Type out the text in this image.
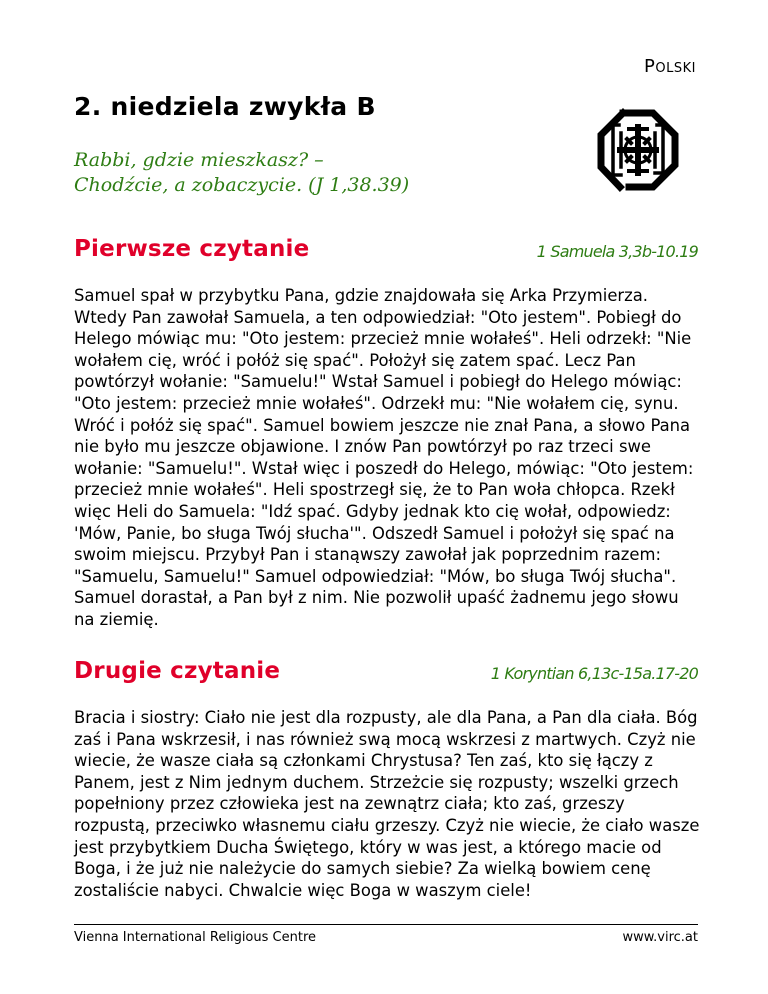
Polski
2. niedziela zwykła B

Rabbi, gdzie mieszkasz? –
Chodźcie, a zobaczycie. (J 1,38.39)

Pierwsze czytanie	1 Samuela 3,3b-10.19

Samuel spał w przybytku Pana, gdzie znajdowała się Arka Przymierza. Wtedy Pan zawołał Samuela, a ten odpowiedział: "Oto jestem". Pobiegł do Helego mówiąc mu: "Oto jestem: przecież mnie wołałeś". Heli odrzekł: "Nie wołałem cię, wróć i połóż się spać". Położył się zatem spać. Lecz Pan powtórzył wołanie: "Samuelu!" Wstał Samuel i pobiegł do Helego mówiąc: "Oto jestem: przecież mnie wołałeś". Odrzekł mu: "Nie wołałem cię, synu. Wróć i połóż się spać". Samuel bowiem jeszcze nie znał Pana, a słowo Pana nie było mu jeszcze objawione. I znów Pan powtórzył po raz trzeci swe wołanie: "Samuelu!". Wstał więc i poszedł do Helego, mówiąc: "Oto jestem: przecież mnie wołałeś". Heli spostrzegł się, że to Pan woła chłopca. Rzekł więc Heli do Samuela: "Idź spać. Gdyby jednak kto cię wołał, odpowiedz: 'Mów, Panie, bo sługa Twój słucha'". Odszedł Samuel i położył się spać na swoim miejscu. Przybył Pan i stanąwszy zawołał jak poprzednim razem: "Samuelu, Samuelu!" Samuel odpowiedział: "Mów, bo sługa Twój słucha". Samuel dorastał, a Pan był z nim. Nie pozwolił upaść żadnemu jego słowu na ziemię.

Drugie czytanie	1 Koryntian 6,13c-15a.17-20

Bracia i siostry: Ciało nie jest dla rozpusty, ale dla Pana, a Pan dla ciała. Bóg zaś i Pana wskrzesił, i nas również swą mocą wskrzesi z martwych. Czyż nie wiecie, że wasze ciała są członkami Chrystusa? Ten zaś, kto się łączy z Panem, jest z Nim jednym duchem. Strzeżcie się rozpusty; wszelki grzech popełniony przez człowieka jest na zewnątrz ciała; kto zaś, grzeszy rozpustą, przeciwko własnemu ciału grzeszy. Czyż nie wiecie, że ciało wasze jest przybytkiem Ducha Świętego, który w was jest, a którego macie od Boga, i że już nie należycie do samych siebie? Za wielką bowiem cenę zostaliście nabyci. Chwalcie więc Boga w waszym ciele!

Vienna International Religious Centre	www.virc.at
